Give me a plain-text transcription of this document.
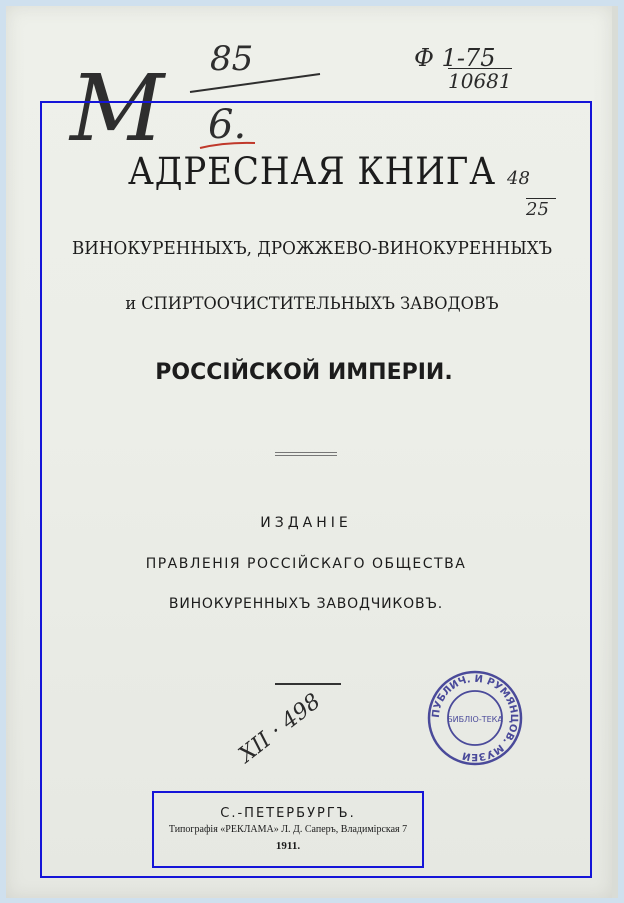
М 85
6.
Ф 1-75
10681
48
25
АДРЕСНАЯ КНИГА
ВИНОКУРЕННЫХЪ, ДРОЖЖЕВО-ВИНОКУРЕННЫХЪ
и СПИРТООЧИСТИТЕЛЬНЫХЪ ЗАВОДОВЪ
РОССІЙСКОЙ ИМПЕРІИ.
ИЗДАНІЕ
ПРАВЛЕНІЯ РОССІЙСКАГО ОБЩЕСТВА
ВИНОКУРЕННЫХЪ ЗАВОДЧИКОВЪ.
XII · 498	ПУБЛИЧ. И РУМЯНЦОВ. МУЗЕИ
БИБЛІО-ТЕКА
С.-ПЕТЕРБУРГЪ.
Типографія «РЕКЛАМА» Л. Д. Саперъ, Владимірская 7
1911.
